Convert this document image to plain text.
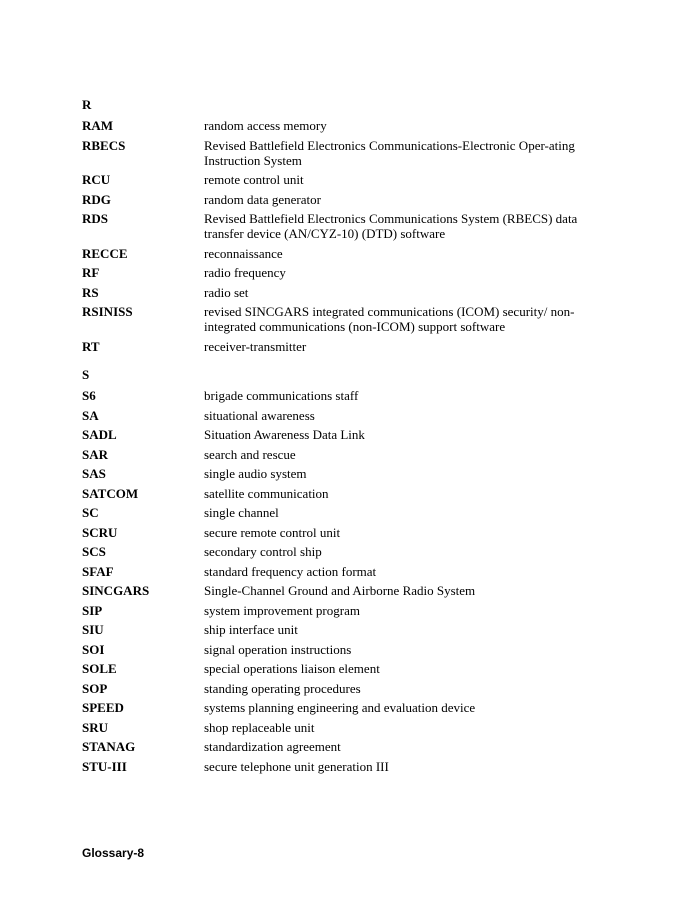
R
RAM	random access memory
RBECS	Revised Battlefield Electronics Communications-Electronic Oper-ating Instruction System
RCU	remote control unit
RDG	random data generator
RDS	Revised Battlefield Electronics Communications System (RBECS) data transfer device (AN/CYZ-10) (DTD) software
RECCE	reconnaissance
RF	radio frequency
RS	radio set
RSINISS	revised SINCGARS integrated communications (ICOM) security/ non-integrated communications (non-ICOM) support software
RT	receiver-transmitter
S
S6	brigade communications staff
SA	situational awareness
SADL	Situation Awareness Data Link
SAR	search and rescue
SAS	single audio system
SATCOM	satellite communication
SC	single channel
SCRU	secure remote control unit
SCS	secondary control ship
SFAF	standard frequency action format
SINCGARS	Single-Channel Ground and Airborne Radio System
SIP	system improvement program
SIU	ship interface unit
SOI	signal operation instructions
SOLE	special operations liaison element
SOP	standing operating procedures
SPEED	systems planning engineering and evaluation device
SRU	shop replaceable unit
STANAG	standardization agreement
STU-III	secure telephone unit generation III
Glossary-8
